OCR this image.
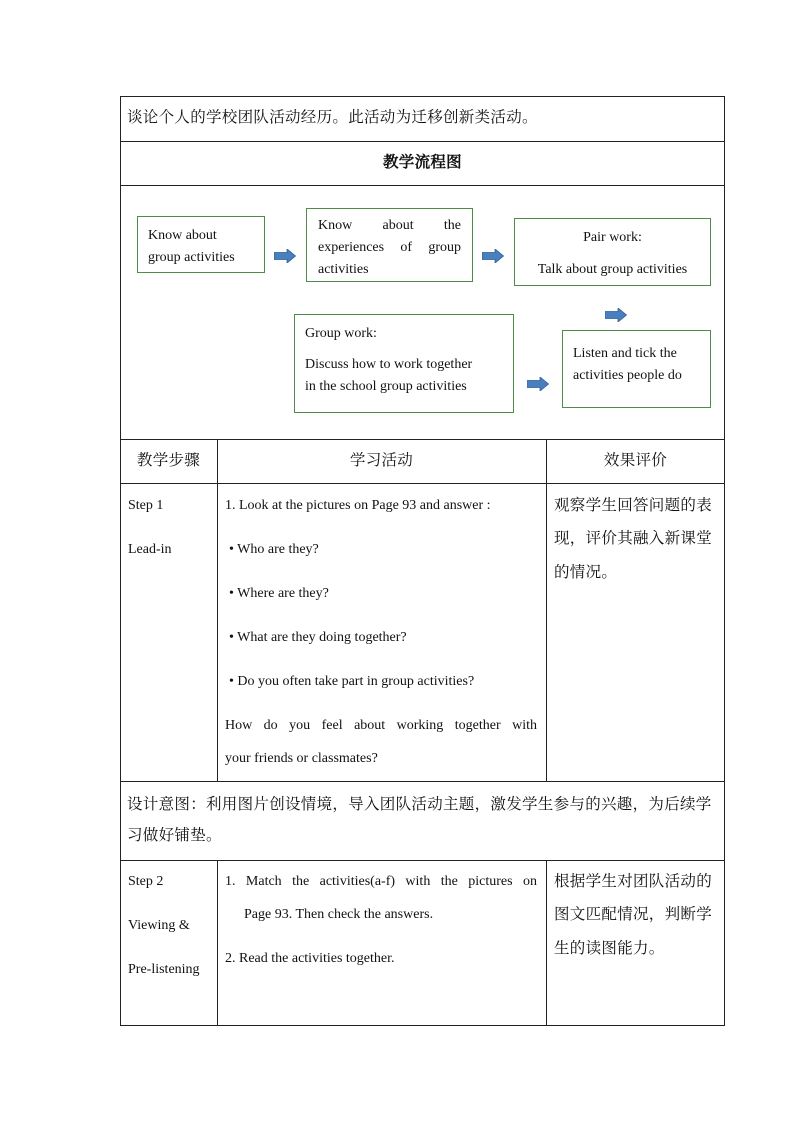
谈论个人的学校团队活动经历。此活动为迁移创新类活动。
教学流程图
Know about
group activities
Know about the
experiences of group
activities
Pair work:
Talk about group activities
Group work:
Discuss how to work together
in the school group activities
Listen and tick the
activities people do
教学步骤	学习活动	效果评价
Step 1
Lead-in
1. Look at the pictures on Page 93 and answer :
• Who are they?
• Where are they?
• What are they doing together?
• Do you often take part in group activities?
How do you feel about working together with
your friends or classmates?
观察学生回答问题的表
现，评价其融入新课堂
的情况。
设计意图：利用图片创设情境，导入团队活动主题，激发学生参与的兴趣，为后续学
习做好铺垫。
Step 2
Viewing &
Pre-listening
1. Match the activities(a-f) with the pictures on
Page 93. Then check the answers.
2. Read the activities together.
根据学生对团队活动的
图文匹配情况，判断学
生的读图能力。
